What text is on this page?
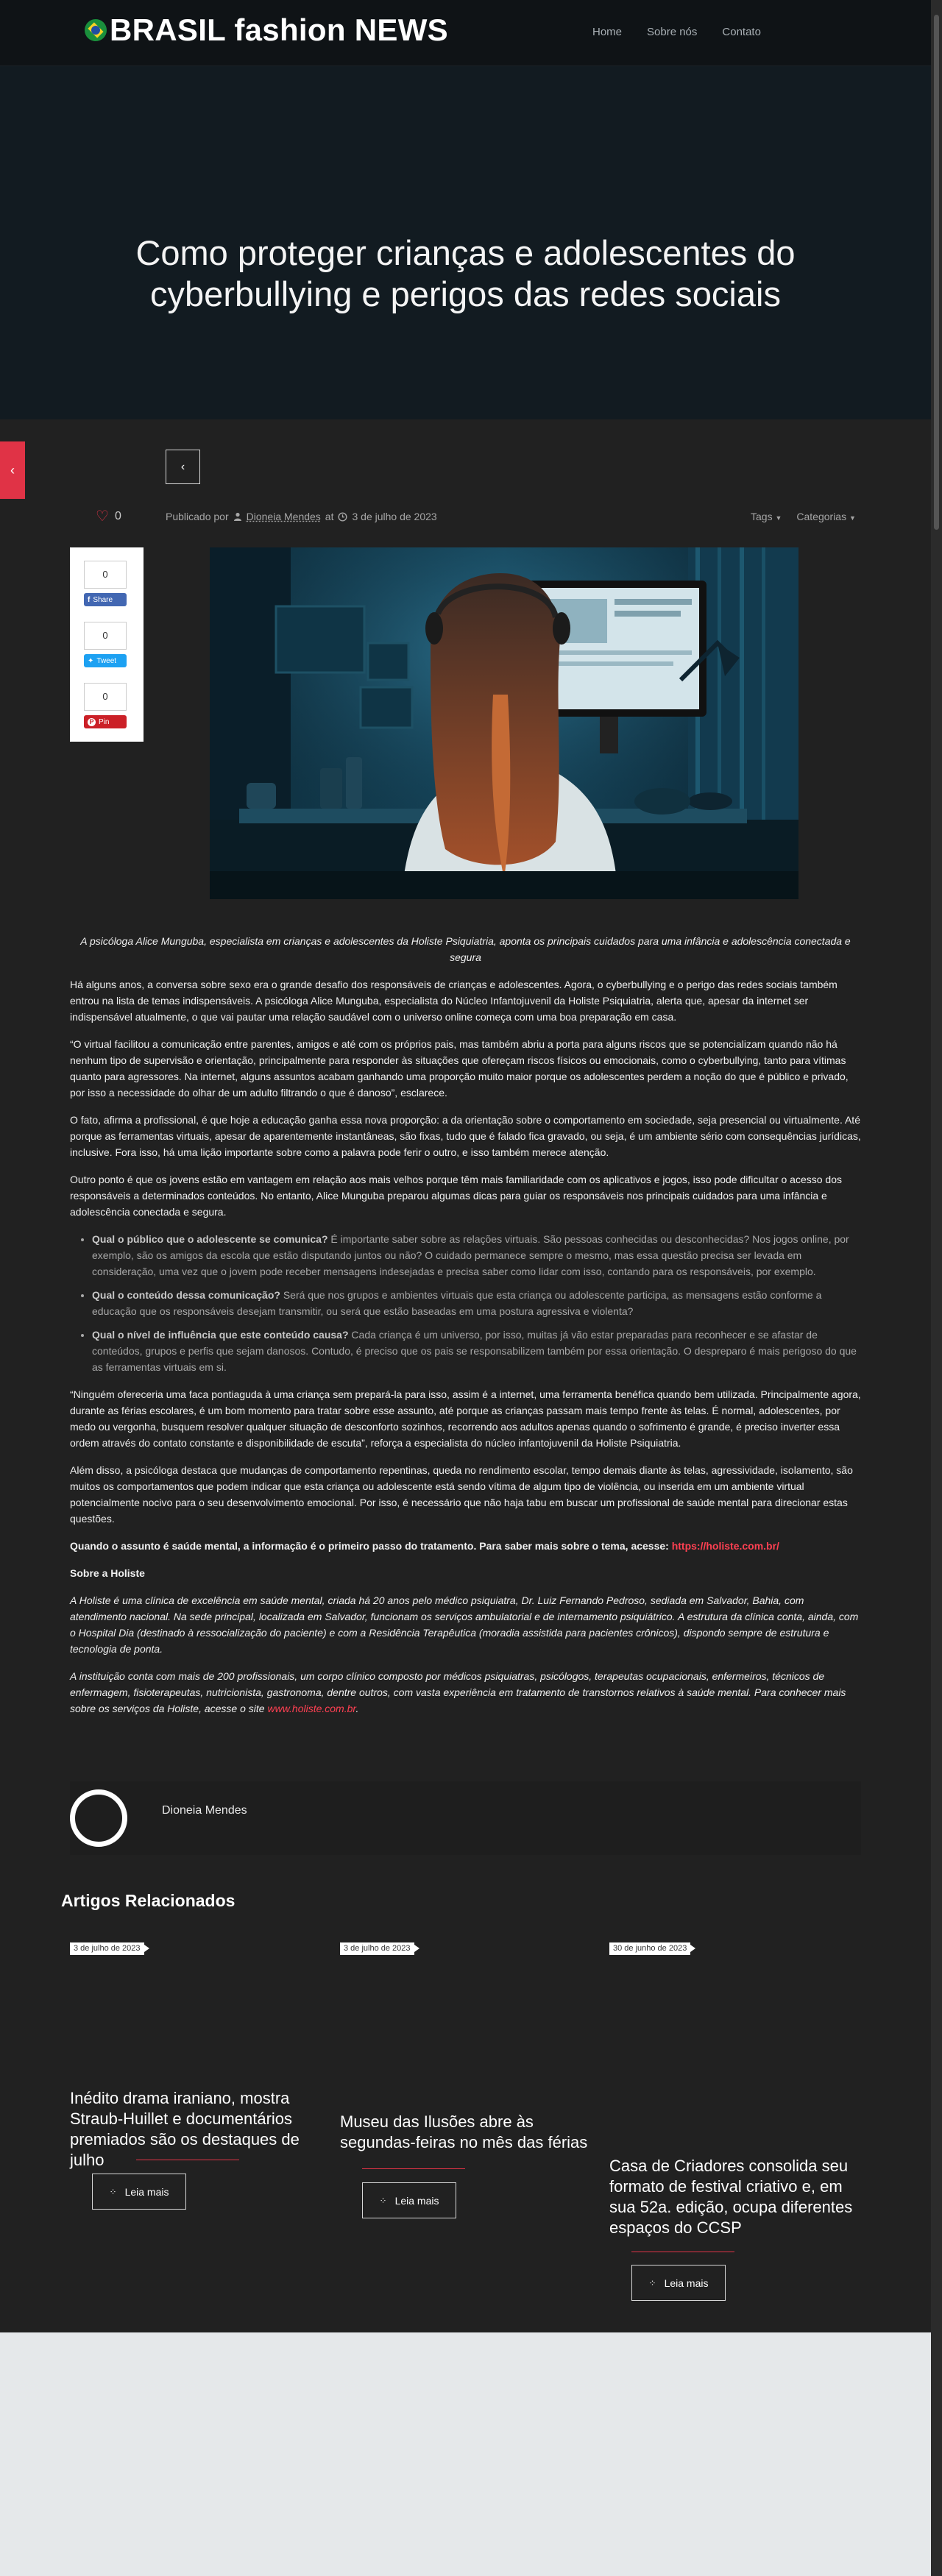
BRASIL fashion NEWS	Home Sobre nós Contato
Como proteger crianças e adolescentes do cyberbullying e perigos das redes sociais
‹	‹
♡ 0	Publicado por Dioneia Mendes at 3 de julho de 2023	Tags ▼ Categorias ▼
0
f Share
0
✦ Tweet
0
P Pin

A psicóloga Alice Munguba, especialista em crianças e adolescentes da Holiste Psiquiatria, aponta os principais cuidados para uma infância e adolescência conectada e segura

Há alguns anos, a conversa sobre sexo era o grande desafio dos responsáveis de crianças e adolescentes. Agora, o cyberbullying e o perigo das redes sociais também entrou na lista de temas indispensáveis. A psicóloga Alice Munguba, especialista do Núcleo Infantojuvenil da Holiste Psiquiatria, alerta que, apesar da internet ser indispensável atualmente, o que vai pautar uma relação saudável com o universo online começa com uma boa preparação em casa.

“O virtual facilitou a comunicação entre parentes, amigos e até com os próprios pais, mas também abriu a porta para alguns riscos que se potencializam quando não há nenhum tipo de supervisão e orientação, principalmente para responder às situações que ofereçam riscos físicos ou emocionais, como o cyberbullying, tanto para vítimas quanto para agressores. Na internet, alguns assuntos acabam ganhando uma proporção muito maior porque os adolescentes perdem a noção do que é público e privado, por isso a necessidade do olhar de um adulto filtrando o que é danoso”, esclarece.

O fato, afirma a profissional, é que hoje a educação ganha essa nova proporção: a da orientação sobre o comportamento em sociedade, seja presencial ou virtualmente. Até porque as ferramentas virtuais, apesar de aparentemente instantâneas, são fixas, tudo que é falado fica gravado, ou seja, é um ambiente sério com consequências jurídicas, inclusive. Fora isso, há uma lição importante sobre como a palavra pode ferir o outro, e isso também merece atenção.

Outro ponto é que os jovens estão em vantagem em relação aos mais velhos porque têm mais familiaridade com os aplicativos e jogos, isso pode dificultar o acesso dos responsáveis a determinados conteúdos. No entanto, Alice Munguba preparou algumas dicas para guiar os responsáveis nos principais cuidados para uma infância e adolescência conectada e segura.

• Qual o público que o adolescente se comunica? É importante saber sobre as relações virtuais. São pessoas conhecidas ou desconhecidas? Nos jogos online, por exemplo, são os amigos da escola que estão disputando juntos ou não? O cuidado permanece sempre o mesmo, mas essa questão precisa ser levada em consideração, uma vez que o jovem pode receber mensagens indesejadas e precisa saber como lidar com isso, contando para os responsáveis, por exemplo.
• Qual o conteúdo dessa comunicação? Será que nos grupos e ambientes virtuais que esta criança ou adolescente participa, as mensagens estão conforme a educação que os responsáveis desejam transmitir, ou será que estão baseadas em uma postura agressiva e violenta?
• Qual o nível de influência que este conteúdo causa? Cada criança é um universo, por isso, muitas já vão estar preparadas para reconhecer e se afastar de conteúdos, grupos e perfis que sejam danosos. Contudo, é preciso que os pais se responsabilizem também por essa orientação. O despreparo é mais perigoso do que as ferramentas virtuais em si.

“Ninguém ofereceria uma faca pontiaguda à uma criança sem prepará-la para isso, assim é a internet, uma ferramenta benéfica quando bem utilizada. Principalmente agora, durante as férias escolares, é um bom momento para tratar sobre esse assunto, até porque as crianças passam mais tempo frente às telas. É normal, adolescentes, por medo ou vergonha, busquem resolver qualquer situação de desconforto sozinhos, recorrendo aos adultos apenas quando o sofrimento é grande, é preciso inverter essa ordem através do contato constante e disponibilidade de escuta”, reforça a especialista do núcleo infantojuvenil da Holiste Psiquiatria.

Além disso, a psicóloga destaca que mudanças de comportamento repentinas, queda no rendimento escolar, tempo demais diante às telas, agressividade, isolamento, são muitos os comportamentos que podem indicar que esta criança ou adolescente está sendo vítima de algum tipo de violência, ou inserida em um ambiente virtual potencialmente nocivo para o seu desenvolvimento emocional. Por isso, é necessário que não haja tabu em buscar um profissional de saúde mental para direcionar estas questões.

Quando o assunto é saúde mental, a informação é o primeiro passo do tratamento. Para saber mais sobre o tema, acesse: https://holiste.com.br/

Sobre a Holiste

A Holiste é uma clínica de excelência em saúde mental, criada há 20 anos pelo médico psiquiatra, Dr. Luiz Fernando Pedroso, sediada em Salvador, Bahia, com atendimento nacional. Na sede principal, localizada em Salvador, funcionam os serviços ambulatorial e de internamento psiquiátrico. A estrutura da clínica conta, ainda, com o Hospital Dia (destinado à ressocialização do paciente) e com a Residência Terapêutica (moradia assistida para pacientes crônicos), dispondo sempre de estrutura e tecnologia de ponta.

A instituição conta com mais de 200 profissionais, um corpo clínico composto por médicos psiquiatras, psicólogos, terapeutas ocupacionais, enfermeiros, técnicos de enfermagem, fisioterapeutas, nutricionista, gastronoma, dentre outros, com vasta experiência em tratamento de transtornos relativos à saúde mental. Para conhecer mais sobre os serviços da Holiste, acesse o site www.holiste.com.br.

Dioneia Mendes
Artigos Relacionados
3 de julho de 2023
Inédito drama iraniano, mostra Straub-Huillet e documentários premiados são os destaques de julho
⁘ Leia mais
3 de julho de 2023
Museu das Ilusões abre às segundas-feiras no mês das férias
⁘ Leia mais
30 de junho de 2023
Casa de Criadores consolida seu formato de festival criativo e, em sua 52a. edição, ocupa diferentes espaços do CCSP
⁘ Leia mais
